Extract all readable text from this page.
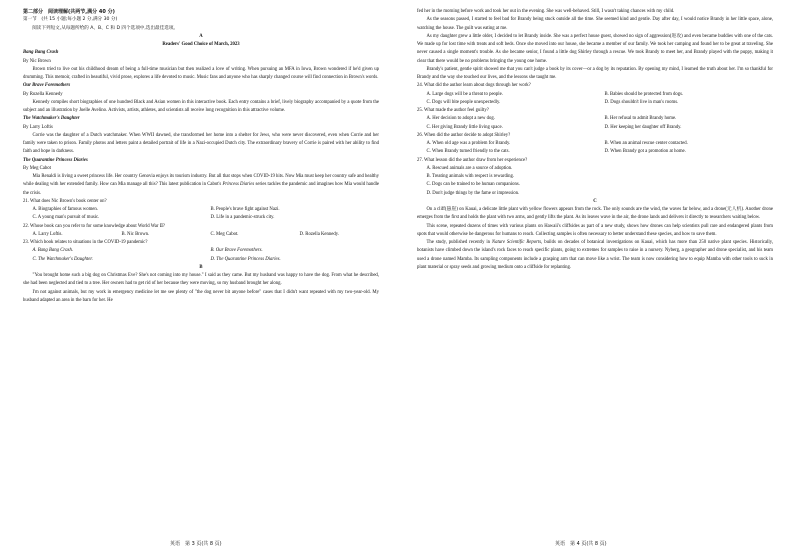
第二部分　阅读理解(共两节,满分 40 分)
第一节　(共 15 小题;每小题 2 分,满分 30 分)
阅读下列短文,从每题所给的 A、B、C 和 D 四个选项中,选出最佳选项。
A
Readers' Good Choice of March, 2023
Bang Bang Crash
By Nic Brown
Brown tried to live out his childhood dream of being a full-time musician but then realized a love of writing. When pursuing an MFA in Iowa, Brown wondered if he'd given up drumming. This memoir, crafted in beautiful, vivid prose, explores a life devoted to music. Music fans and anyone who has sharply changed course will find connection in Brown's words.
Our Brave Foremothers
By Rozella Kennedy
Kennedy compiles short biographies of one hundred Black and Asian women in this interactive book. Each entry contains a brief, lively biography accompanied by a quote from the subject and an illustration by Joelle Avelino. Activists, artists, athletes, and scientists all receive long recognition in this attractive volume.
The Watchmaker's Daughter
By Larry Loftis
Corrie was the daughter of a Dutch watchmaker. When WWII dawned, she transformed her home into a shelter for Jews, who were never discovered, even when Corrie and her family were taken to prison. Family photos and letters paint a detailed portrait of life in a Nazi-occupied Dutch city. The extraordinary bravery of Corrie is paired with her ability to find faith and hope in darkness.
The Quarantine Princess Diaries
By Meg Cabot
Mia Renaldi is living a sweet princess life. Her country Genovia enjoys its tourism industry. But all that stops when COVID-19 hits. Now Mia must keep her country safe and healthy while dealing with her extended family. How can Mia manage all this? This latest publication in Cabot's Princess Diaries series tackles the pandemic and imagines how Mia would handle the crisis.
21. What does Nic Brown's book center on?
A. Biographies of famous women.	B. People's brave fight against Nazi.
C. A young man's pursuit of music.	D. Life in a pandemic-struck city.
22. Whose book can you refer to for some knowledge about World War Ⅱ?
A. Larry Loftis.	B. Nic Brown.	C. Meg Cabot.	D. Rozella Kennedy.
23. Which book relates to situations in the COVID-19 pandemic?
A. Bang Bang Crash.	B. Our Brave Foremothers.
C. The Watchmaker's Daughter.	D. The Quarantine Princess Diaries.
B
"You brought home such a big dog on Christmas Eve? She's not coming into my house." I said as they came. But my husband was happy to have the dog. From what he described, she had been neglected and tied to a tree. Her owners had to get rid of her because they were moving, so my husband brought her along.
I'm not against animals, but my work in emergency medicine let me see plenty of "the dog never bit anyone before" cases that I didn't want repeated with my two-year-old. My husband adapted an area in the barn for her. He
fed her in the morning before work and took her out in the evening. She was well-behaved. Still, I wasn't taking chances with my child.
As the seasons passed, I started to feel bad for Brandy being stuck outside all the time. She seemed kind and gentle. Day after day, I would notice Brandy in her little space, alone, watching the house. The guilt was eating at me.
As my daughter grew a little older, I decided to let Brandy inside. She was a perfect house guest, showed no sign of aggression(进攻) and even became buddies with one of the cats. We made up for lost time with treats and soft beds. Once she moved into our house, she became a member of our family. We took her camping and found her to be great at traveling. She never caused a single moment's trouble. As she became senior, I found a little dog Shirley through a rescue. We took Brandy to meet her, and Brandy played with the puppy, making it clear that there would be no problems bringing the young one home.
Brandy's patient, gentle spirit showed me that you can't judge a book by its cover—or a dog by its reputation. By opening my mind, I learned the truth about her. I'm so thankful for Brandy and the way she touched our lives, and the lessons she taught me.
24. What did the author learn about dogs through her work?
A. Large dogs will be a threat to people.	B. Babies should be protected from dogs.
C. Dogs will bite people unexpectedly.	D. Dogs shouldn't live in man's rooms.
25. What made the author feel guilty?
A. Her decision to adopt a new dog.	B. Her refusal to admit Brandy home.
C. Her giving Brandy little living space.	D. Her keeping her daughter off Brandy.
26. When did the author decide to adopt Shirley?
A. When old age was a problem for Brandy.	B. When an animal rescue center contacted.
C. When Brandy turned friendly to the cats.	D. When Brandy got a promotion at home.
27. What lesson did the author draw from her experience?
A. Rescued animals are a source of adoption.
B. Treating animals with respect is rewarding.
C. Dogs can be trained to be human companions.
D. Don't judge things by the fame or impression.
C
On a cliff(悬崖) on Kauai, a delicate little plant with yellow flowers appears from the rock. The only sounds are the wind, the waves far below, and a drone(无人机). Another drone emerges from the first and holds the plant with two arms, and gently lifts the plant. As its leaves wave in the air, the drone lands and delivers it directly to researchers waiting below.
This scene, repeated dozens of times with various plants on Hawaii's cliffsides as part of a new study, shows how drones can help scientists pull rare and endangered plants from spots that would otherwise be dangerous for humans to reach. Collecting samples is often necessary to better understand these species, and how to save them.
The study, published recently in Nature Scientific Reports, builds on decades of botanical investigations on Kauai, which has more than 250 native plant species. Historically, botanists have climbed down the island's rock faces to reach specific plants, going to extremes for samples to raise in a nursery. Nyberg, a geographer and drone specialist, and his team used a drone named Mamba. Its sampling components include a grasping arm that can move like a wrist. The team is now considering how to equip Mamba with other tools to suck in plant material or spray seeds and growing medium onto a cliffside for replanting.
英语　第 3 页(共 8 页)	英语　第 4 页(共 8 页)
